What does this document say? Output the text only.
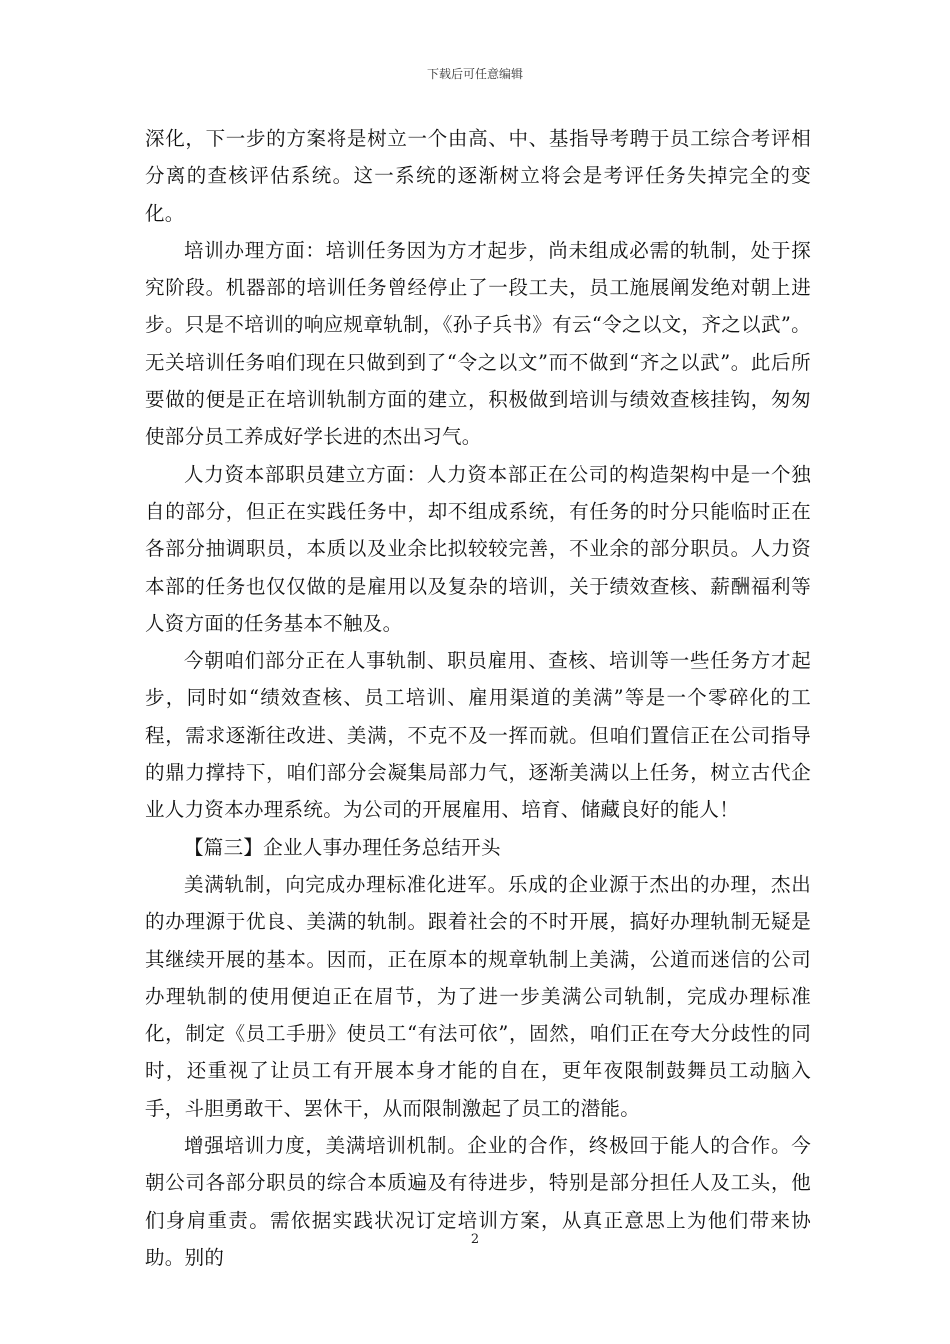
下载后可任意编辑

深化，下一步的方案将是树立一个由高、中、基指导考聘于员工综合考评相分离的查核评估系统。这一系统的逐渐树立将会是考评任务失掉完全的变化。

培训办理方面：培训任务因为方才起步，尚未组成必需的轨制，处于探究阶段。机器部的培训任务曾经停止了一段工夫，员工施展阐发绝对朝上进步。只是不培训的响应规章轨制，《孙子兵书》有云“令之以文，齐之以武”。无关培训任务咱们现在只做到到了“令之以文”而不做到“齐之以武”。此后所要做的便是正在培训轨制方面的建立，积极做到培训与绩效查核挂钩，匆匆使部分员工养成好学长进的杰出习气。

人力资本部职员建立方面：人力资本部正在公司的构造架构中是一个独自的部分，但正在实践任务中，却不组成系统，有任务的时分只能临时正在各部分抽调职员，本质以及业余比拟较较完善，不业余的部分职员。人力资本部的任务也仅仅做的是雇用以及复杂的培训，关于绩效查核、薪酬福利等人资方面的任务基本不触及。

今朝咱们部分正在人事轨制、职员雇用、查核、培训等一些任务方才起步，同时如“绩效查核、员工培训、雇用渠道的美满”等是一个零碎化的工程，需求逐渐往改进、美满，不克不及一挥而就。但咱们置信正在公司指导的鼎力撑持下，咱们部分会凝集局部力气，逐渐美满以上任务，树立古代企业人力资本办理系统。为公司的开展雇用、培育、储藏良好的能人！

【篇三】企业人事办理任务总结开头

美满轨制，向完成办理标准化进军。乐成的企业源于杰出的办理，杰出的办理源于优良、美满的轨制。跟着社会的不时开展，搞好办理轨制无疑是其继续开展的基本。因而，正在原本的规章轨制上美满，公道而迷信的公司办理轨制的使用便迫正在眉节，为了进一步美满公司轨制，完成办理标准化，制定《员工手册》使员工“有法可依”，固然，咱们正在夸大分歧性的同时，还重视了让员工有开展本身才能的自在，更年夜限制鼓舞员工动脑入手，斗胆勇敢干、罢休干，从而限制激起了员工的潜能。

增强培训力度，美满培训机制。企业的合作，终极回于能人的合作。今朝公司各部分职员的综合本质遍及有待进步，特别是部分担任人及工头，他们身肩重责。需依据实践状况订定培训方案，从真正意思上为他们带来协助。别的

2
